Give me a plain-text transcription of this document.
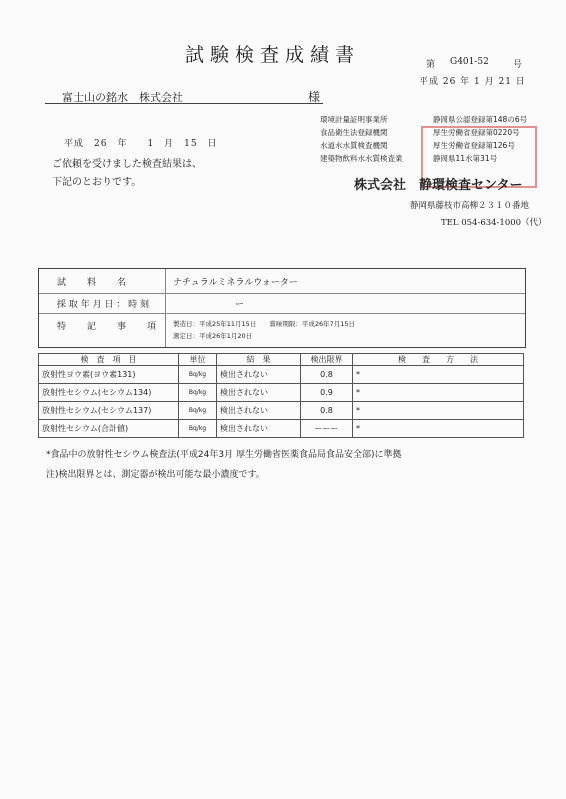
試験検査成績書	第 G401-52	号
平成 26 年 1 月 21 日
富士山の銘水　株式会社	様
平成　26　年　　1　月　15　日
ご依頼を受けました検査結果は、
下記のとおりです。
環境計量証明事業所	静岡県公認登録第148の6号
食品衛生法登録機関	厚生労働省登録第0220号
水道水水質検査機関	厚生労働省登録第126号
建築物飲料水水質検査業	静岡県11水第31号
株式会社　静環検査センター
静岡県藤枝市高柳２３１０番地
TEL 054-634-1000（代）
試　　料　　名	ナチュラルミネラルウォーター
採 取 年 月 日 ： 時 刻	ー
特　　記　　事　　項 製造日：平成25年11月15日　　賞味期限：平成26年7月15日
測定日：平成26年1月20日
検　査　項　目	単位	結　果	検出限界	検　　査　　方　　法
放射性ヨウ素(ヨウ素131)	Bq/kg	検出されない	0.8	*
放射性セシウム(セシウム134)	Bq/kg	検出されない	0.9	*
放射性セシウム(セシウム137)	Bq/kg	検出されない	0.8	*
放射性セシウム(合計値)	Bq/kg	検出されない	ーーー	*
*食品中の放射性セシウム検査法(平成24年3月 厚生労働省医薬食品局食品安全部)に準拠
注)検出限界とは、測定器が検出可能な最小濃度です。
